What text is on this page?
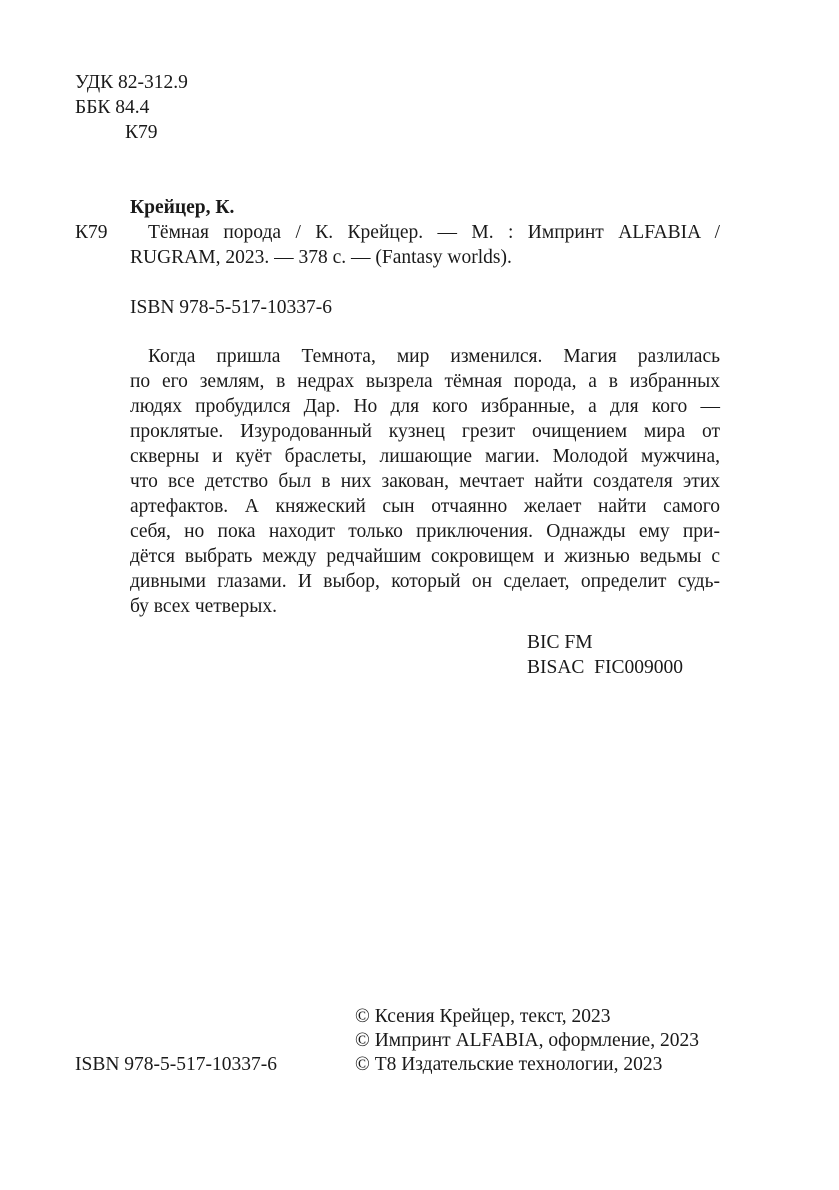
УДК 82-312.9
ББК 84.4
К79
Крейцер, К.
К79 Тёмная порода / К. Крейцер. — М. : Импринт ALFABIA /
RUGRAM, 2023. — 378 с. — (Fantasy worlds).
ISBN 978-5-517-10337-6
Когда пришла Темнота, мир изменился. Магия разлилась
по его землям, в недрах вызрела тёмная порода, а в избранных
людях пробудился Дар. Но для кого избранные, а для кого —
проклятые. Изуродованный кузнец грезит очищением мира от
скверны и куёт браслеты, лишающие магии. Молодой мужчина,
что все детство был в них закован, мечтает найти создателя этих
артефактов. А княжеский сын отчаянно желает найти самого
себя, но пока находит только приключения. Однажды ему при-
дётся выбрать между редчайшим сокровищем и жизнью ведьмы с
дивными глазами. И выбор, который он сделает, определит судь-
бу всех четверых.
BIC FM
BISAC  FIC009000
© Ксения Крейцер, текст, 2023
© Импринт ALFABIA, оформление, 2023
© Т8 Издательские технологии, 2023
ISBN 978-5-517-10337-6
